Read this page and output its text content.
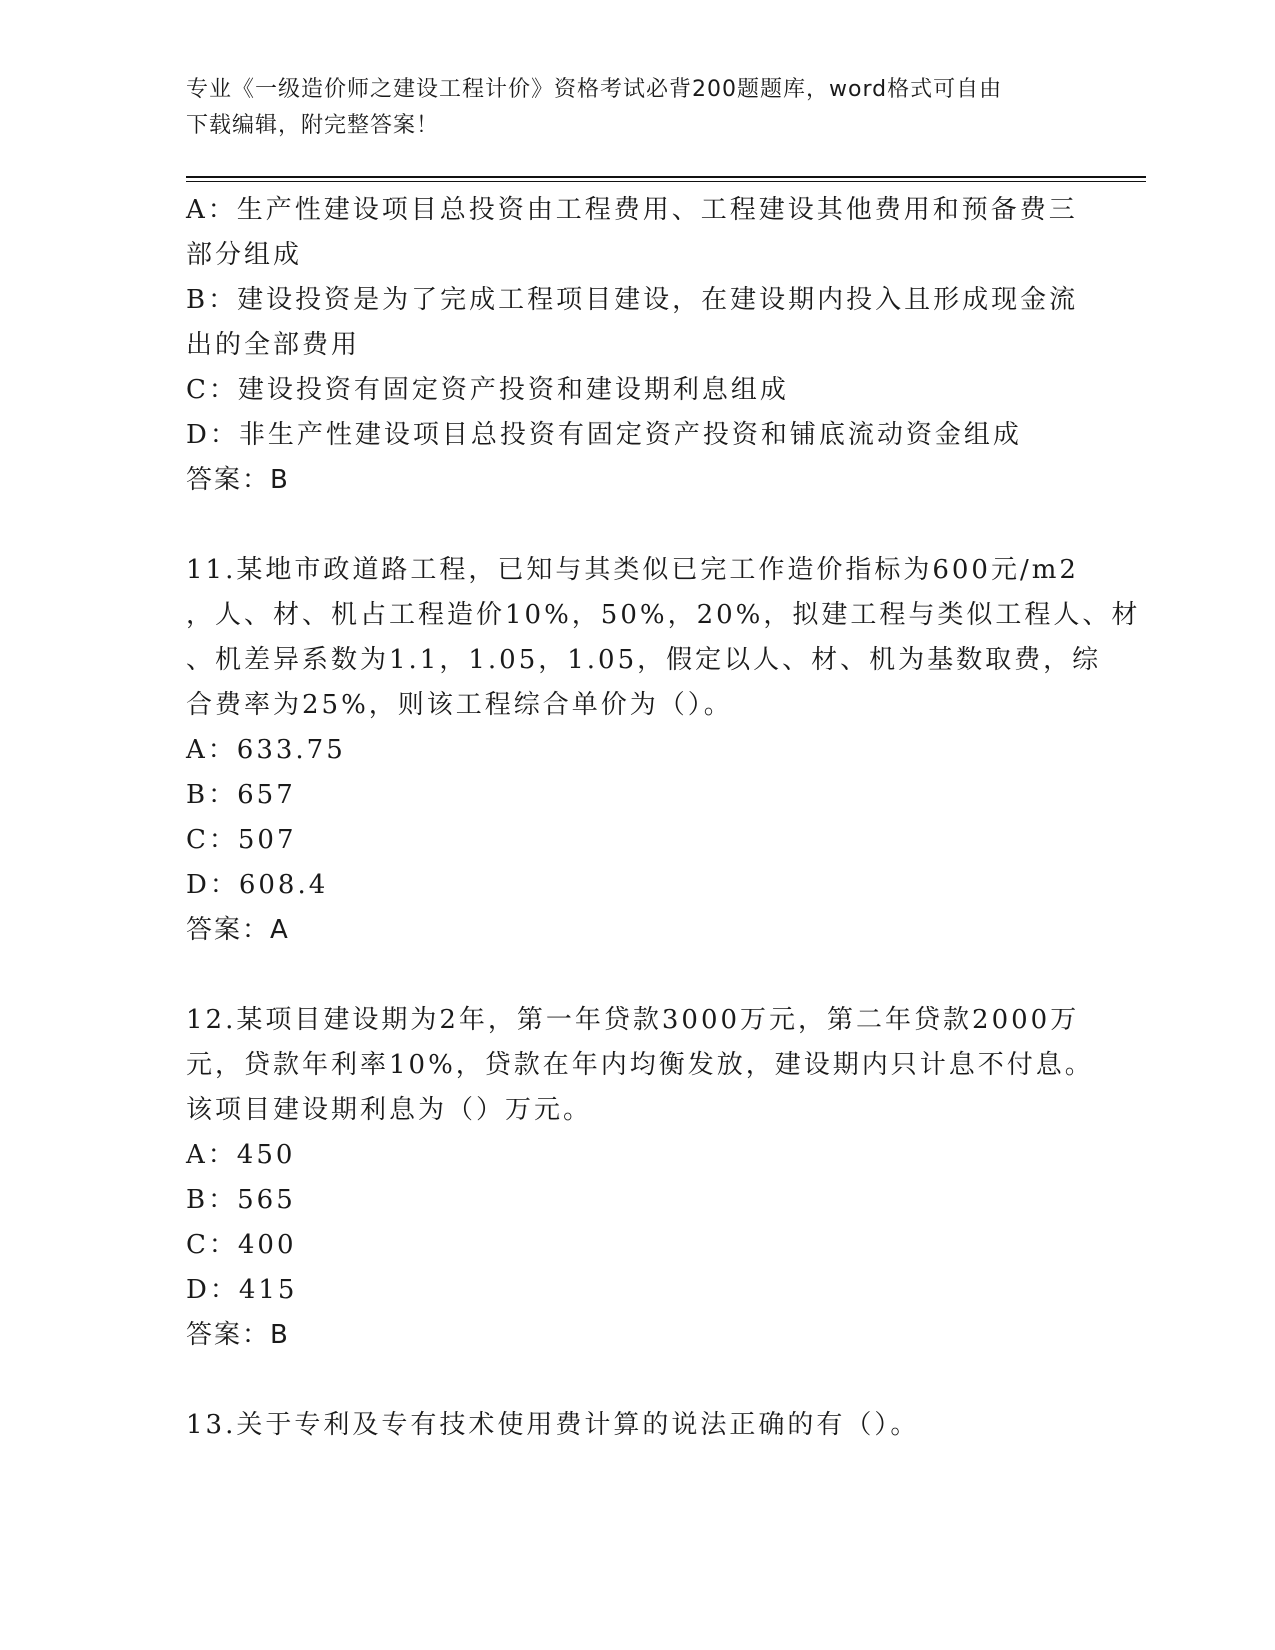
专业《一级造价师之建设工程计价》资格考试必背200题题库，word格式可自由
下载编辑，附完整答案！
A：生产性建设项目总投资由工程费用、工程建设其他费用和预备费三
部分组成
B：建设投资是为了完成工程项目建设，在建设期内投入且形成现金流
出的全部费用
C：建设投资有固定资产投资和建设期利息组成
D：非生产性建设项目总投资有固定资产投资和铺底流动资金组成
答案：B
11.某地市政道路工程，已知与其类似已完工作造价指标为600元/m2
，人、材、机占工程造价10%，50%，20%，拟建工程与类似工程人、材
、机差异系数为1.1，1.05，1.05，假定以人、材、机为基数取费，综
合费率为25%，则该工程综合单价为（）。
A：633.75
B：657
C：507
D：608.4
答案：A
12.某项目建设期为2年，第一年贷款3000万元，第二年贷款2000万
元，贷款年利率10%，贷款在年内均衡发放，建设期内只计息不付息。
该项目建设期利息为（）万元。
A：450
B：565
C：400
D：415
答案：B
13.关于专利及专有技术使用费计算的说法正确的有（）。
